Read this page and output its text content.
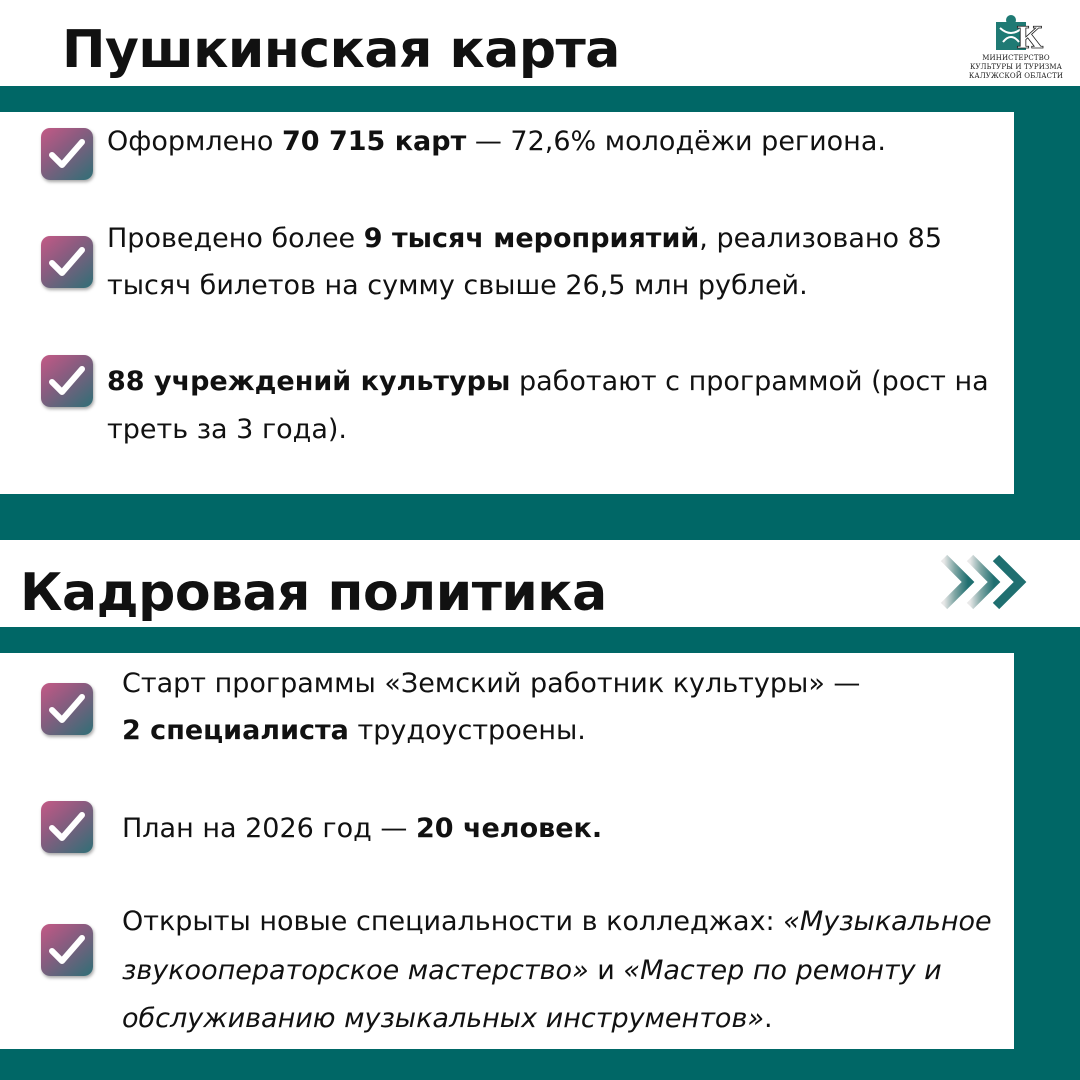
К
МИНИСТЕРСТВО
КУЛЬТУРЫ И ТУРИЗМА
КАЛУЖСКОЙ ОБЛАСТИ
Пушкинская карта
Оформлено 70 715 карт — 72,6% молодёжи региона.
Проведено более 9 тысяч мероприятий, реализовано 85
тысяч билетов на сумму свыше 26,5 млн рублей.
88 учреждений культуры работают с программой (рост на
треть за 3 года).
Кадровая политика
Старт программы «Земский работник культуры» —
2 специалиста трудоустроены.
План на 2026 год — 20 человек.
Открыты новые специальности в колледжах: «Музыкальное
звукооператорское мастерство» и «Мастер по ремонту и
обслуживанию музыкальных инструментов».
